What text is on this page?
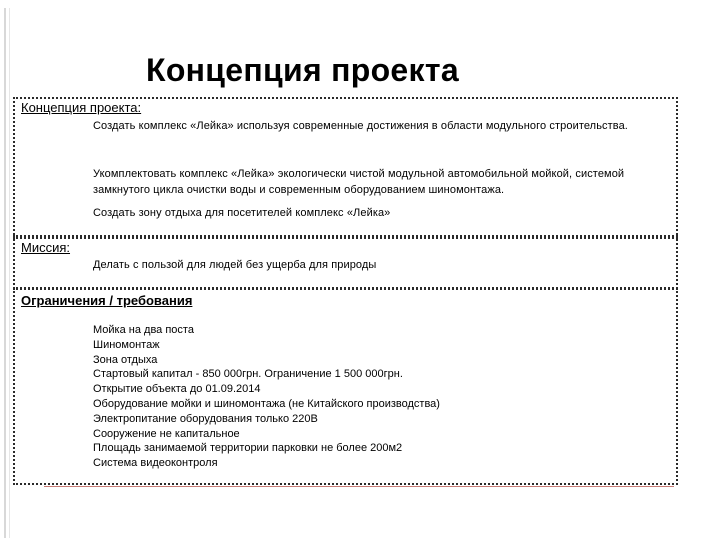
Концепция проекта
Концепция проекта:
Создать комплекс «Лейка» используя современные достижения в области модульного строительства.
Укомплектовать комплекс «Лейка» экологически чистой модульной автомобильной мойкой, системой замкнутого цикла очистки воды и современным оборудованием шиномонтажа.
Создать зону отдыха для посетителей комплекс «Лейка»
Миссия:
Делать с пользой для людей без ущерба для природы
Ограничения / требования
Мойка на два поста
Шиномонтаж
Зона отдыха
Стартовый капитал - 850 000грн. Ограничение 1 500 000грн.
Открытие объекта до 01.09.2014
Оборудование мойки и шиномонтажа (не Китайского производства)
Электропитание оборудования только 220В
Сооружение не капитальное
Площадь занимаемой территории парковки не более 200м2
Система видеоконтроля
